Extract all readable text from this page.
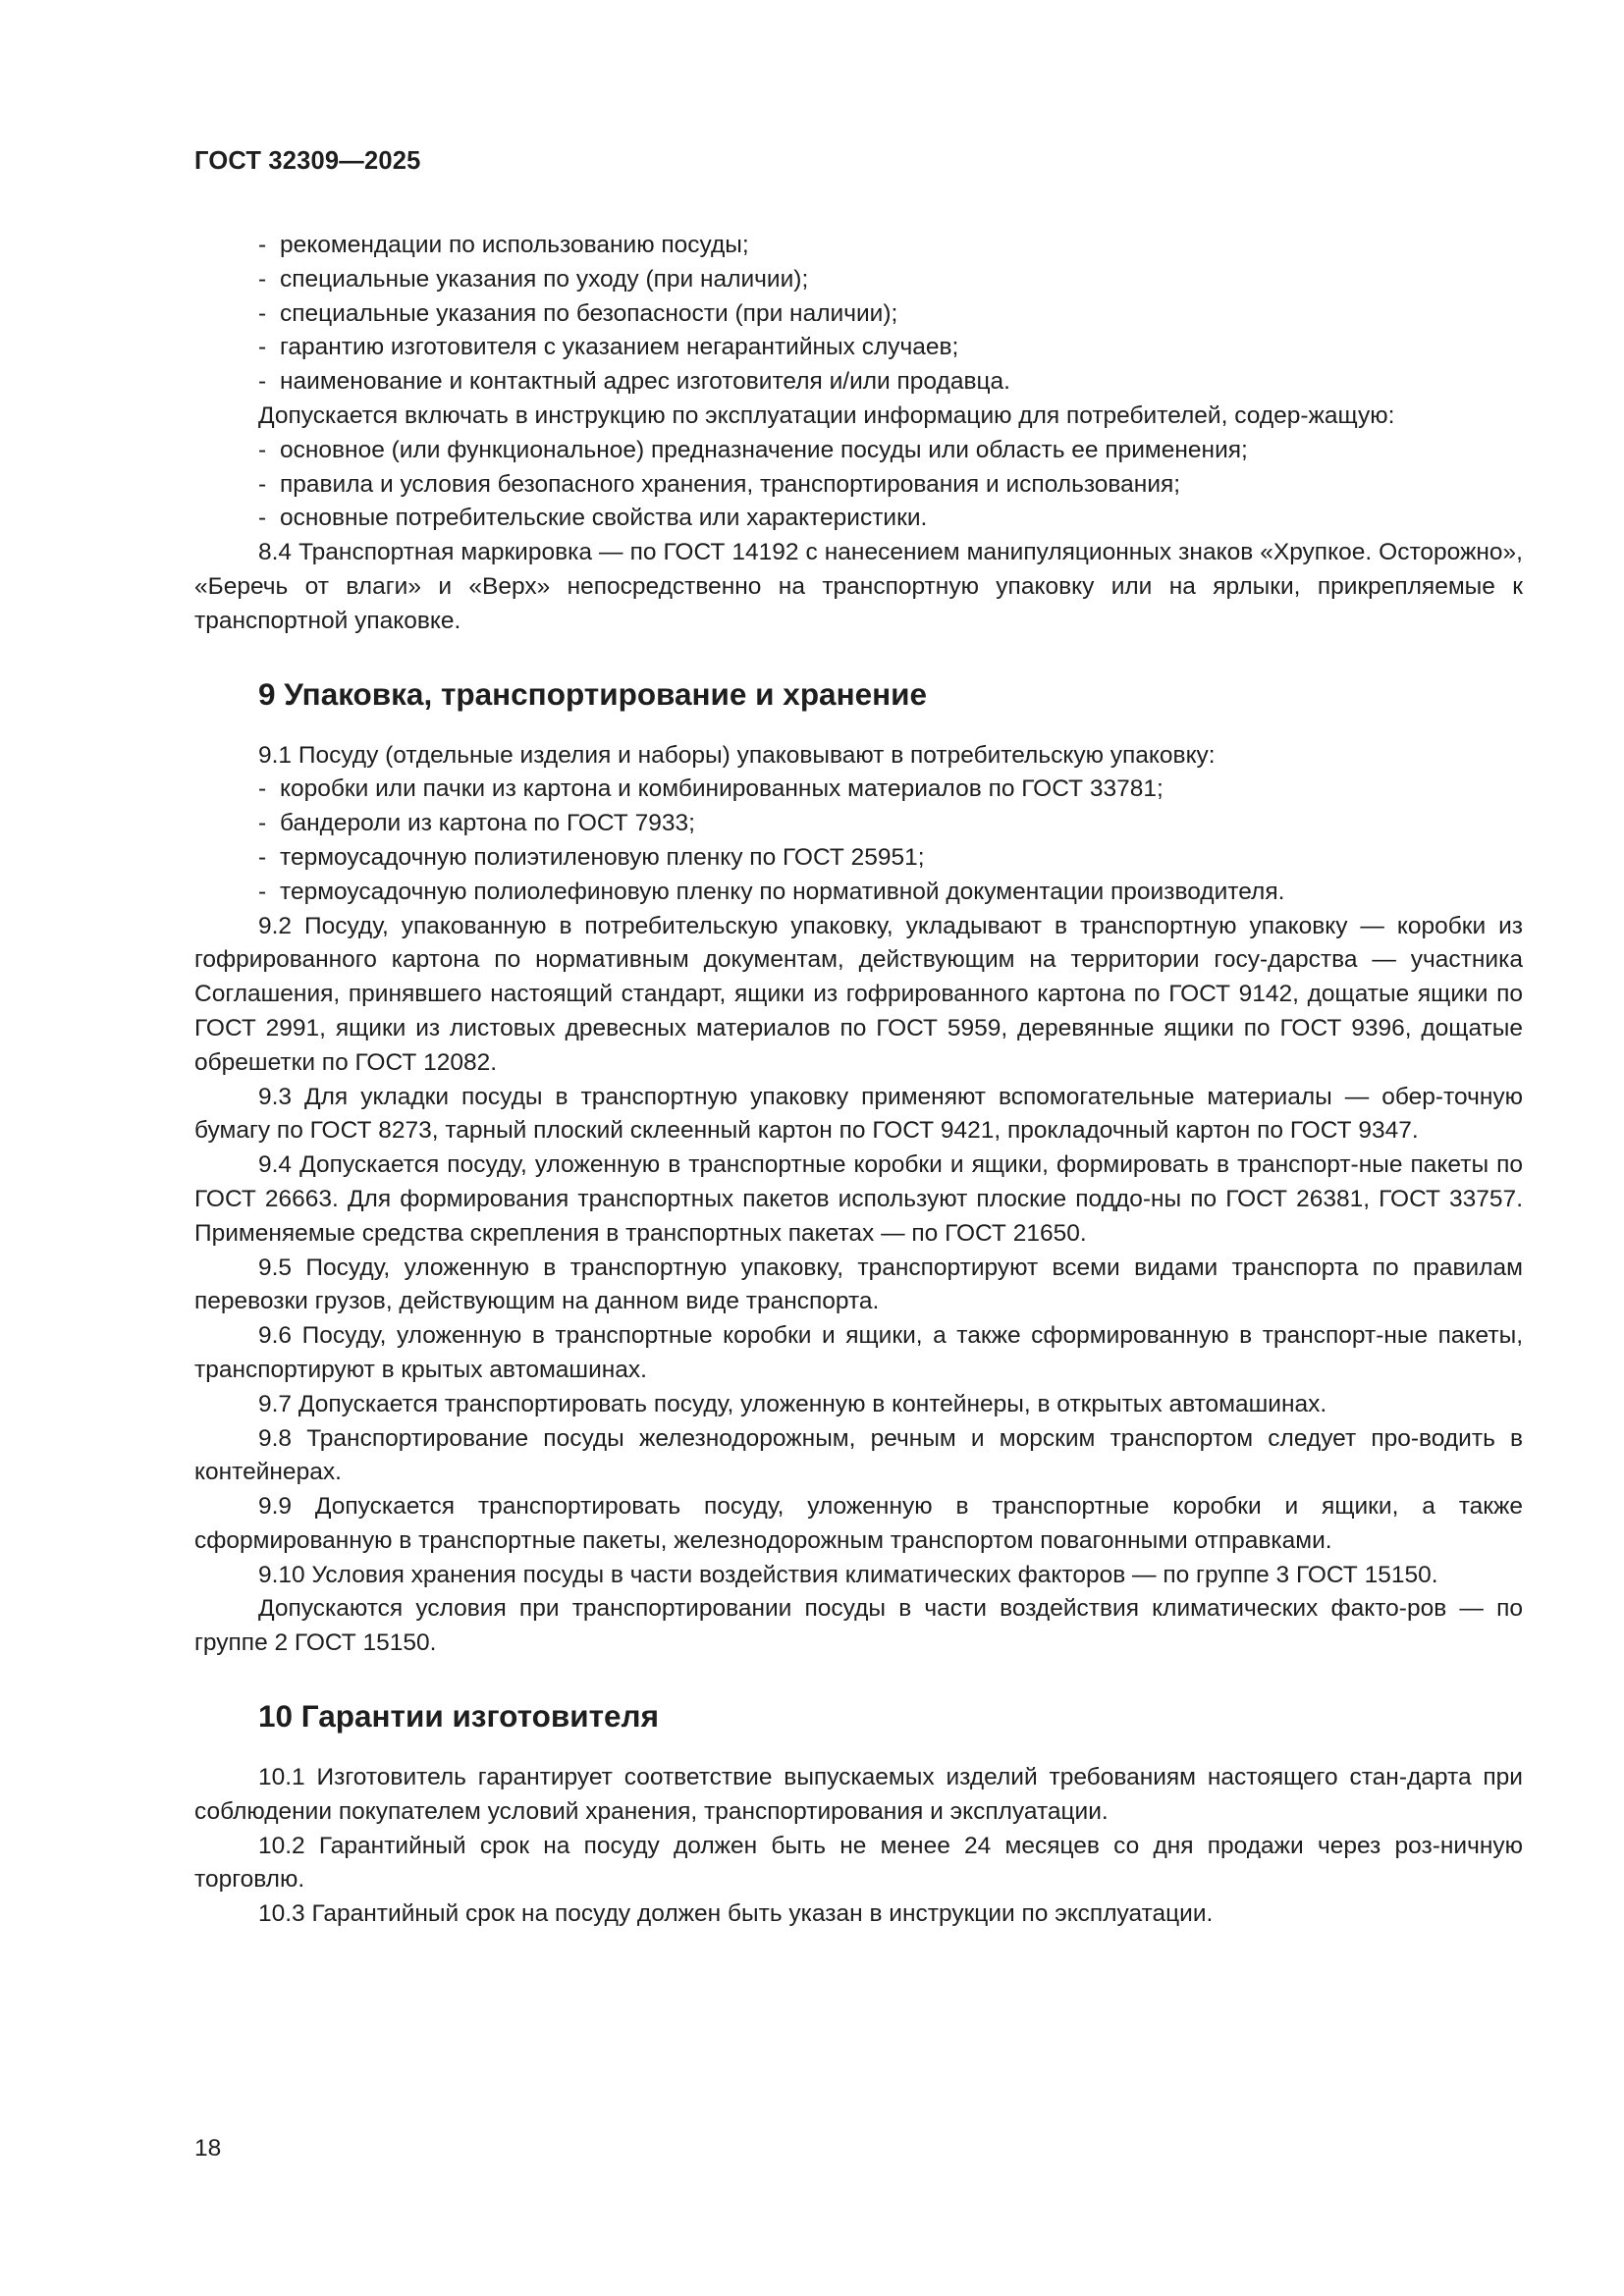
ГОСТ 32309—2025
- рекомендации по использованию посуды;
- специальные указания по уходу (при наличии);
- специальные указания по безопасности (при наличии);
- гарантию изготовителя с указанием негарантийных случаев;
- наименование и контактный адрес изготовителя и/или продавца.
Допускается включать в инструкцию по эксплуатации информацию для потребителей, содер-жащую:
- основное (или функциональное) предназначение посуды или область ее применения;
- правила и условия безопасного хранения, транспортирования и использования;
- основные потребительские свойства или характеристики.
8.4 Транспортная маркировка — по ГОСТ 14192 с нанесением манипуляционных знаков «Хрупкое. Осторожно», «Беречь от влаги» и «Верх» непосредственно на транспортную упаковку или на ярлыки, прикрепляемые к транспортной упаковке.
9 Упаковка, транспортирование и хранение
9.1 Посуду (отдельные изделия и наборы) упаковывают в потребительскую упаковку:
- коробки или пачки из картона и комбинированных материалов по ГОСТ 33781;
- бандероли из картона по ГОСТ 7933;
- термоусадочную полиэтиленовую пленку по ГОСТ 25951;
- термоусадочную полиолефиновую пленку по нормативной документации производителя.
9.2 Посуду, упакованную в потребительскую упаковку, укладывают в транспортную упаковку — коробки из гофрированного картона по нормативным документам, действующим на территории госу-дарства — участника Соглашения, принявшего настоящий стандарт, ящики из гофрированного картона по ГОСТ 9142, дощатые ящики по ГОСТ 2991, ящики из листовых древесных материалов по ГОСТ 5959, деревянные ящики по ГОСТ 9396, дощатые обрешетки по ГОСТ 12082.
9.3 Для укладки посуды в транспортную упаковку применяют вспомогательные материалы — обер-точную бумагу по ГОСТ 8273, тарный плоский склеенный картон по ГОСТ 9421, прокладочный картон по ГОСТ 9347.
9.4 Допускается посуду, уложенную в транспортные коробки и ящики, формировать в транспорт-ные пакеты по ГОСТ 26663. Для формирования транспортных пакетов используют плоские поддо-ны по ГОСТ 26381, ГОСТ 33757. Применяемые средства скрепления в транспортных пакетах — по ГОСТ 21650.
9.5 Посуду, уложенную в транспортную упаковку, транспортируют всеми видами транспорта по правилам перевозки грузов, действующим на данном виде транспорта.
9.6 Посуду, уложенную в транспортные коробки и ящики, а также сформированную в транспорт-ные пакеты, транспортируют в крытых автомашинах.
9.7 Допускается транспортировать посуду, уложенную в контейнеры, в открытых автомашинах.
9.8 Транспортирование посуды железнодорожным, речным и морским транспортом следует про-водить в контейнерах.
9.9 Допускается транспортировать посуду, уложенную в транспортные коробки и ящики, а также сформированную в транспортные пакеты, железнодорожным транспортом повагонными отправками.
9.10 Условия хранения посуды в части воздействия климатических факторов — по группе 3 ГОСТ 15150.
Допускаются условия при транспортировании посуды в части воздействия климатических факто-ров — по группе 2 ГОСТ 15150.
10 Гарантии изготовителя
10.1 Изготовитель гарантирует соответствие выпускаемых изделий требованиям настоящего стан-дарта при соблюдении покупателем условий хранения, транспортирования и эксплуатации.
10.2 Гарантийный срок на посуду должен быть не менее 24 месяцев со дня продажи через роз-ничную торговлю.
10.3 Гарантийный срок на посуду должен быть указан в инструкции по эксплуатации.
18
